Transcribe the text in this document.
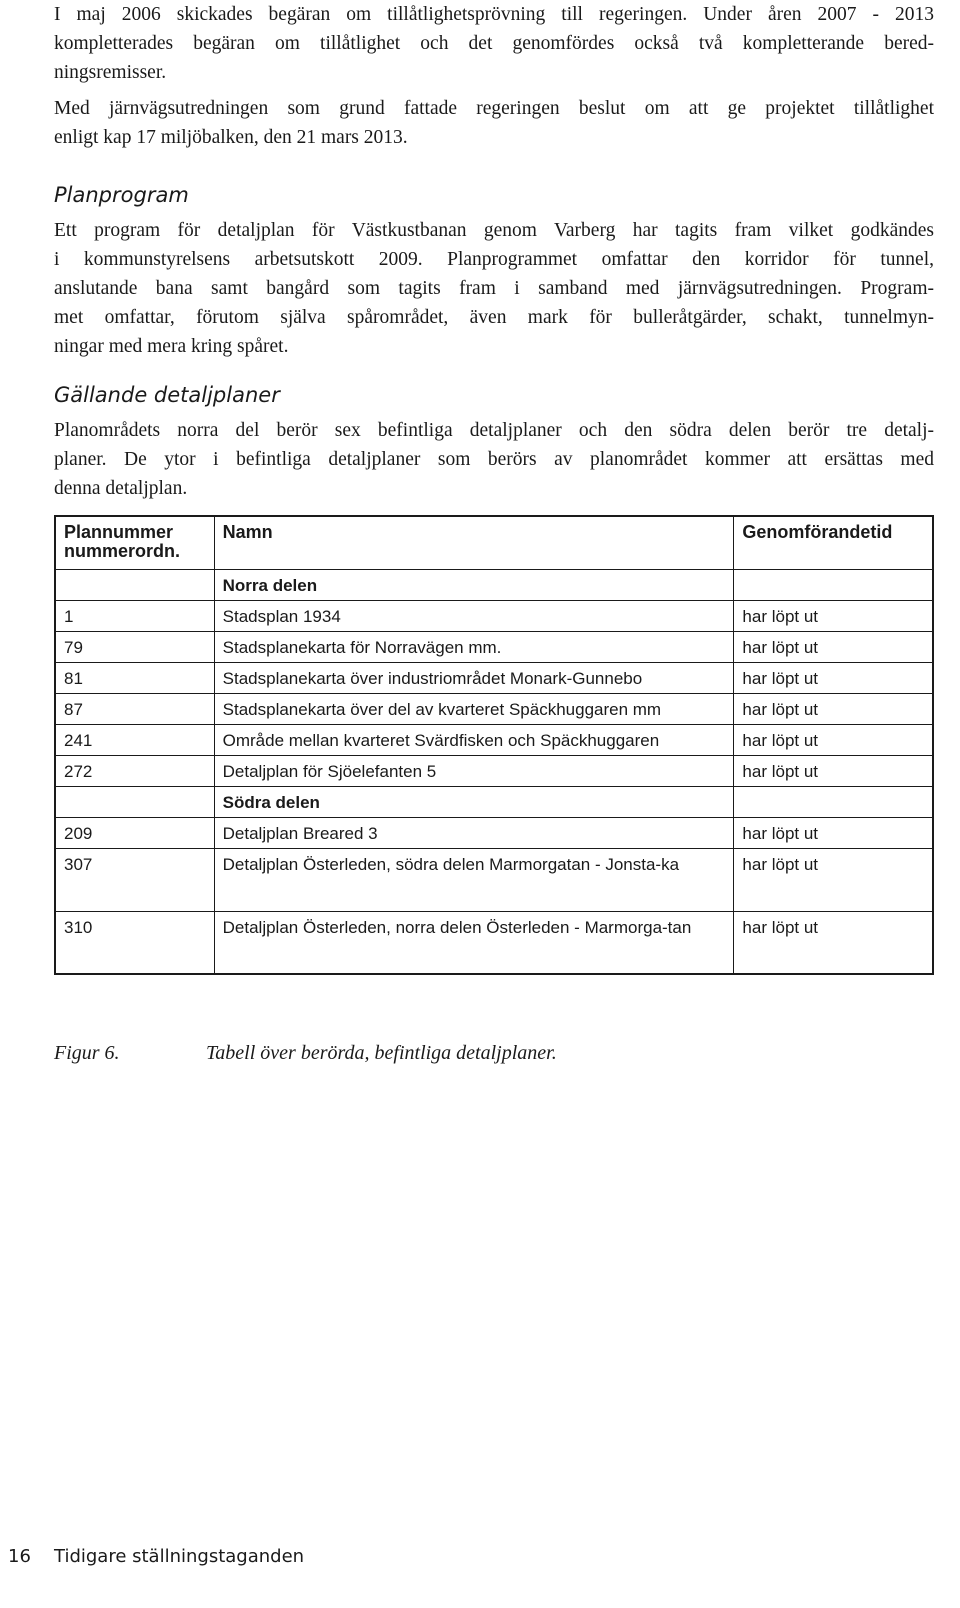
I maj 2006 skickades begäran om tillåtlighetsprövning till regeringen. Under åren 2007 - 2013
kompletterades begäran om tillåtlighet och det genomfördes också två kompletterande bered-
ningsremisser.
Med järnvägsutredningen som grund fattade regeringen beslut om att ge projektet tillåtlighet
enligt kap 17 miljöbalken, den 21 mars 2013.
Planprogram
Ett program för detaljplan för Västkustbanan genom Varberg har tagits fram vilket godkändes
i kommunstyrelsens arbetsutskott 2009. Planprogrammet omfattar den korridor för tunnel,
anslutande bana samt bangård som tagits fram i samband med järnvägsutredningen. Program-
met omfattar, förutom själva spårområdet, även mark för bulleråtgärder, schakt, tunnelmyn-
ningar med mera kring spåret.
Gällande detaljplaner
Planområdets norra del berör sex befintliga detaljplaner och den södra delen berör tre detalj-
planer. De ytor i befintliga detaljplaner som berörs av planområdet kommer att ersättas med
denna detaljplan.
Plannummer nummerordn.	Namn	Genomförandetid
	Norra delen	
1	Stadsplan 1934	har löpt ut
79	Stadsplanekarta för Norravägen mm.	har löpt ut
81	Stadsplanekarta över industriområdet Monark-Gunnebo	har löpt ut
87	Stadsplanekarta över del av kvarteret Späckhuggaren mm	har löpt ut
241	Område mellan kvarteret Svärdfisken och Späckhuggaren	har löpt ut
272	Detaljplan för Sjöelefanten 5	har löpt ut
	Södra delen	
209	Detaljplan Breared 3	har löpt ut
307	Detaljplan Österleden, södra delen Marmorgatan - Jonsta-ka	har löpt ut
310	Detaljplan Österleden, norra delen Österleden - Marmorga-tan	har löpt ut
Figur 6.	Tabell över berörda, befintliga detaljplaner.
16 Tidigare ställningstaganden
